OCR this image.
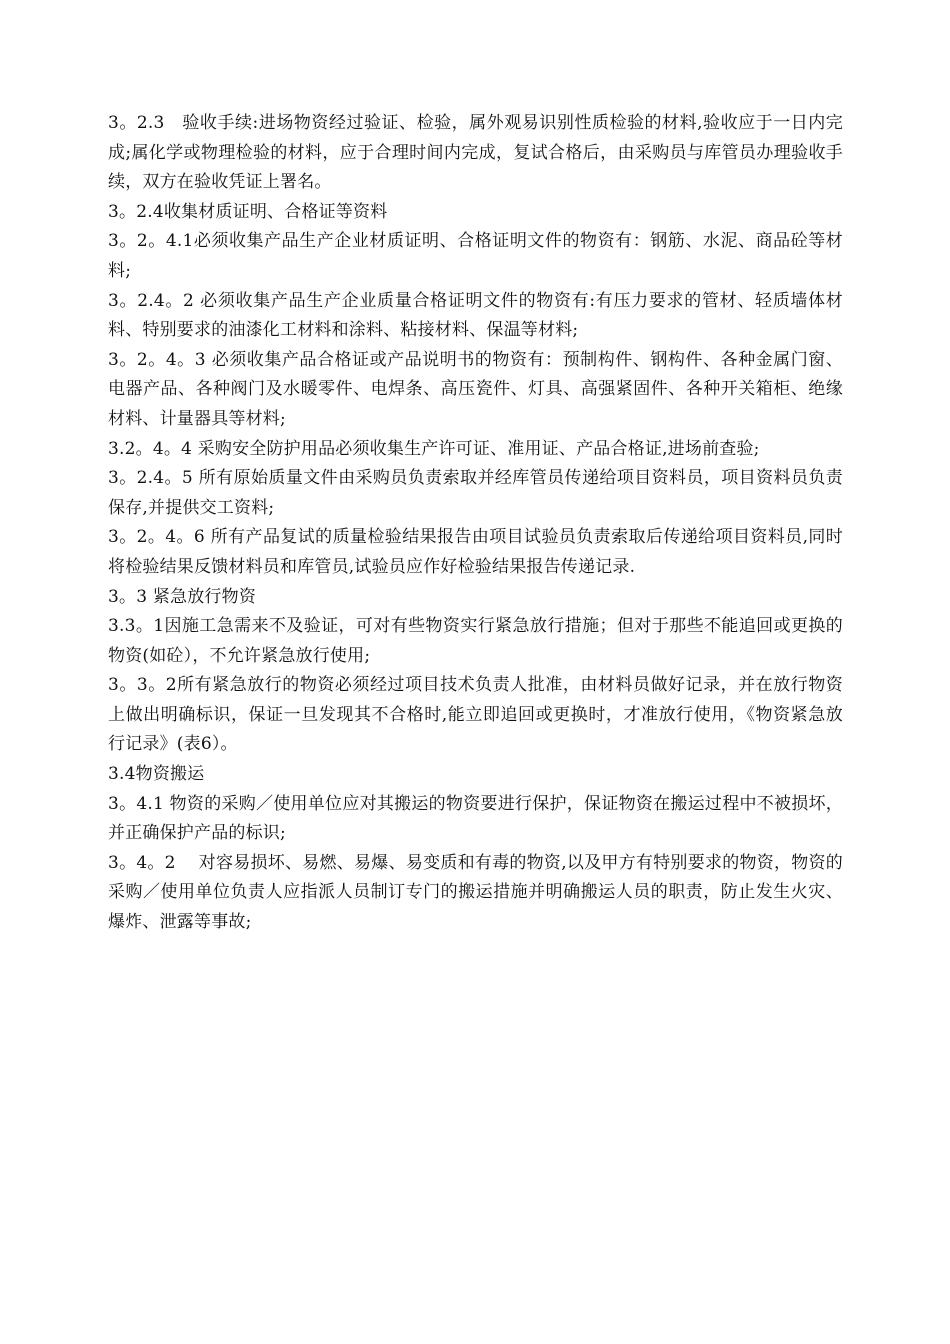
3。2.3　验收手续:进场物资经过验证、检验，属外观易识别性质检验的材料,验收应于一日内完成;属化学或物理检验的材料，应于合理时间内完成，复试合格后，由采购员与库管员办理验收手续，双方在验收凭证上署名。

3。2.4收集材质证明、合格证等资料

3。2。4.1必须收集产品生产企业材质证明、合格证明文件的物资有：钢筋、水泥、商品砼等材料;

3。2.4。2 必须收集产品生产企业质量合格证明文件的物资有:有压力要求的管材、轻质墙体材料、特别要求的油漆化工材料和涂料、粘接材料、保温等材料;

3。2。4。3 必须收集产品合格证或产品说明书的物资有：预制构件、钢构件、各种金属门窗、电器产品、各种阀门及水暖零件、电焊条、高压瓷件、灯具、高强紧固件、各种开关箱柜、绝缘材料、计量器具等材料;

3.2。4。4 采购安全防护用品必须收集生产许可证、准用证、产品合格证,进场前查验;

3。2.4。5 所有原始质量文件由采购员负责索取并经库管员传递给项目资料员，项目资料员负责保存,并提供交工资料;

3。2。4。6 所有产品复试的质量检验结果报告由项目试验员负责索取后传递给项目资料员,同时将检验结果反馈材料员和库管员,试验员应作好检验结果报告传递记录.

3。3 紧急放行物资

3.3。1因施工急需来不及验证，可对有些物资实行紧急放行措施；但对于那些不能追回或更换的物资(如砼），不允许紧急放行使用;

3。3。2所有紧急放行的物资必须经过项目技术负责人批准，由材料员做好记录，并在放行物资上做出明确标识，保证一旦发现其不合格时,能立即追回或更换时，才准放行使用，《物资紧急放行记录》(表6）。

3.4物资搬运

3。4.1 物资的采购／使用单位应对其搬运的物资要进行保护，保证物资在搬运过程中不被损坏，并正确保护产品的标识;

3。4。2　 对容易损坏、易燃、易爆、易变质和有毒的物资,以及甲方有特别要求的物资，物资的采购／使用单位负责人应指派人员制订专门的搬运措施并明确搬运人员的职责，防止发生火灾、爆炸、泄露等事故;
